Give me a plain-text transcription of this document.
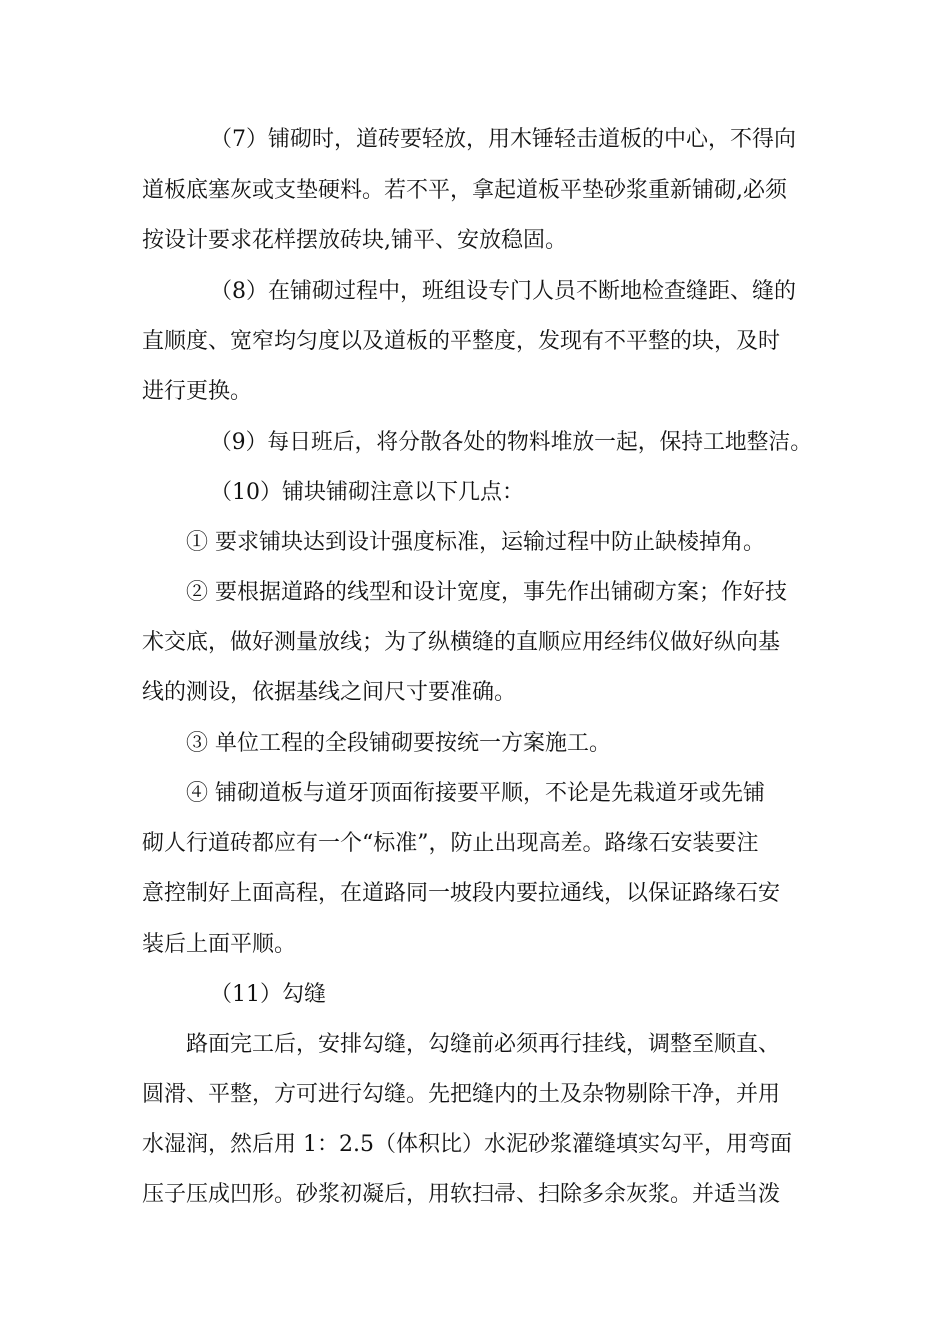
（7）铺砌时，道砖要轻放，用木锤轻击道板的中心，不得向
道板底塞灰或支垫硬料。若不平，拿起道板平垫砂浆重新铺砌,必须
按设计要求花样摆放砖块,铺平、安放稳固。
（8）在铺砌过程中，班组设专门人员不断地检查缝距、缝的
直顺度、宽窄均匀度以及道板的平整度，发现有不平整的块，及时
进行更换。
（9）每日班后，将分散各处的物料堆放一起，保持工地整洁。
（10）铺块铺砌注意以下几点：
① 要求铺块达到设计强度标准，运输过程中防止缺棱掉角。
② 要根据道路的线型和设计宽度，事先作出铺砌方案；作好技
术交底，做好测量放线；为了纵横缝的直顺应用经纬仪做好纵向基
线的测设，依据基线之间尺寸要准确。
③ 单位工程的全段铺砌要按统一方案施工。
④ 铺砌道板与道牙顶面衔接要平顺，不论是先栽道牙或先铺
砌人行道砖都应有一个“标准”，防止出现高差。路缘石安装要注
意控制好上面高程，在道路同一坡段内要拉通线，以保证路缘石安
装后上面平顺。
（11）勾缝
路面完工后，安排勾缝，勾缝前必须再行挂线，调整至顺直、
圆滑、平整，方可进行勾缝。先把缝内的土及杂物剔除干净，并用
水湿润，然后用 1：2.5（体积比）水泥砂浆灌缝填实勾平，用弯面
压子压成凹形。砂浆初凝后，用软扫帚、扫除多余灰浆。并适当泼
